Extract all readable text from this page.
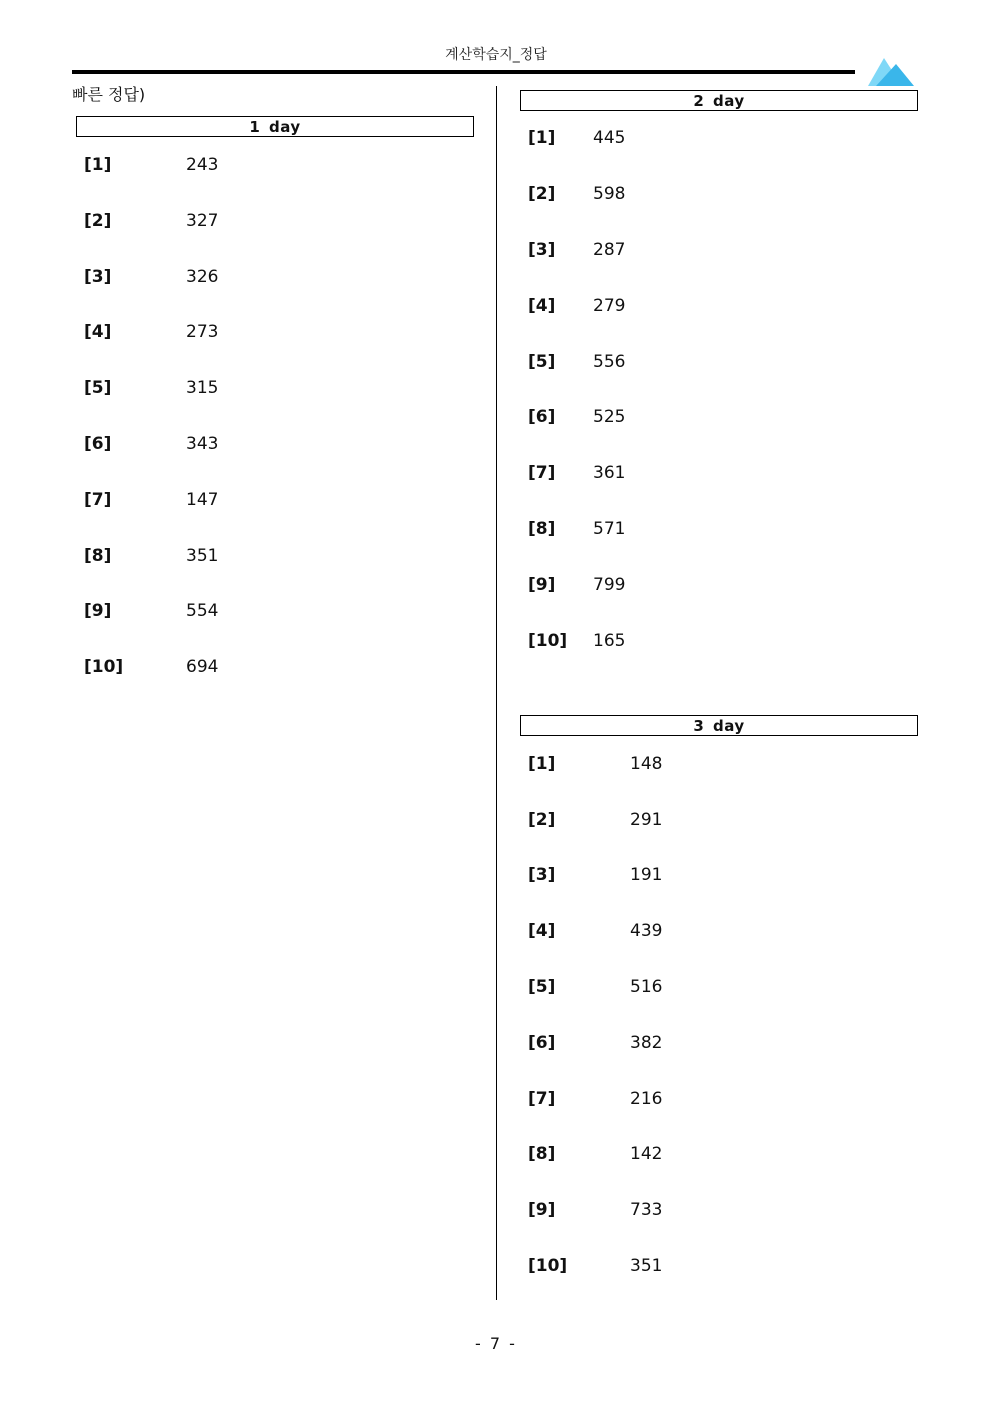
계산학습지_정답
빠른 정답)
1 day
[1]	243
[2]	327
[3]	326
[4]	273
[5]	315
[6]	343
[7]	147
[8]	351
[9]	554
[10]	694
2 day
[1] 445
[2] 598
[3] 287
[4] 279
[5] 556
[6] 525
[7] 361
[8] 571
[9] 799
[10] 165
3 day
[1]	148
[2]	291
[3]	191
[4]	439
[5]	516
[6]	382
[7]	216
[8]	142
[9]	733
[10]	351
- 7 -
